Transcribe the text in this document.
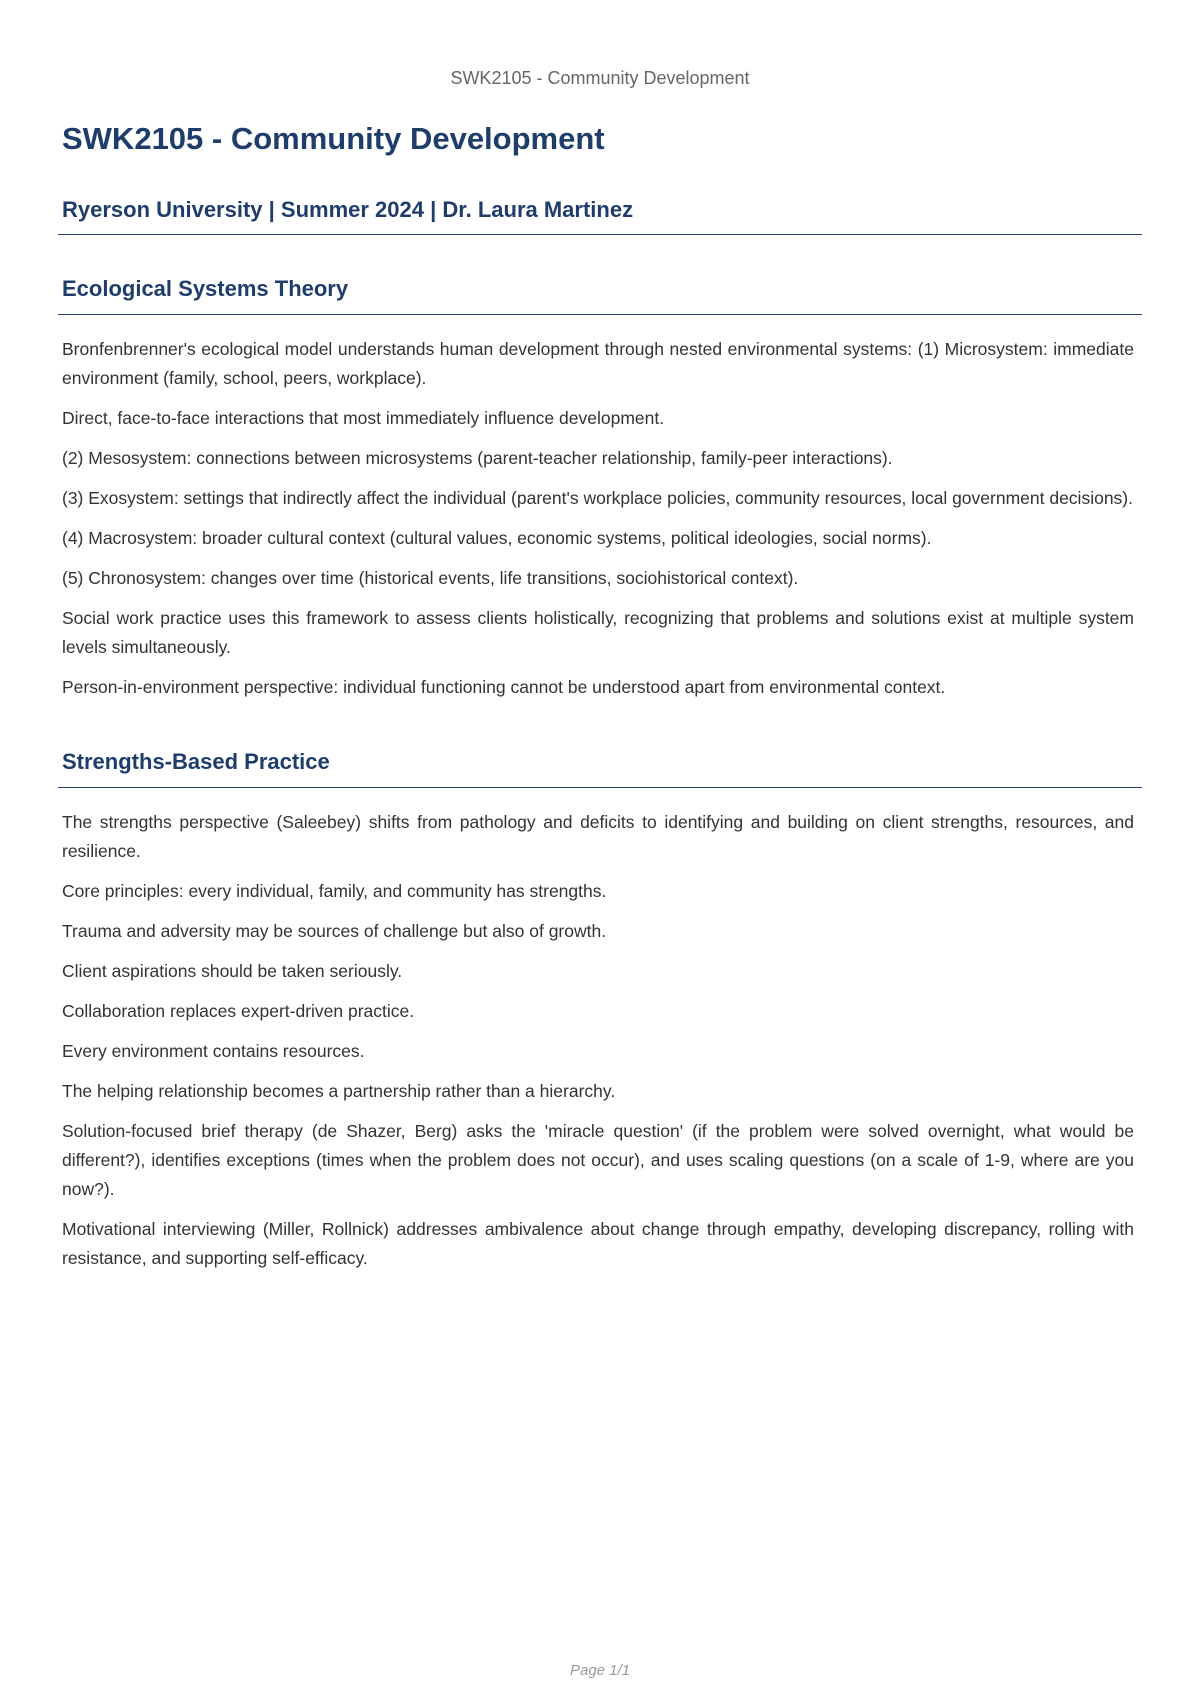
SWK2105 - Community Development
SWK2105 - Community Development
Ryerson University | Summer 2024 | Dr. Laura Martinez
Ecological Systems Theory

Bronfenbrenner's ecological model understands human development through nested environmental systems: (1) Microsystem: immediate environment (family, school, peers, workplace).

Direct, face-to-face interactions that most immediately influence development.

(2) Mesosystem: connections between microsystems (parent-teacher relationship, family-peer interactions).

(3) Exosystem: settings that indirectly affect the individual (parent's workplace policies, community resources, local government decisions).

(4) Macrosystem: broader cultural context (cultural values, economic systems, political ideologies, social norms).

(5) Chronosystem: changes over time (historical events, life transitions, sociohistorical context).

Social work practice uses this framework to assess clients holistically, recognizing that problems and solutions exist at multiple system levels simultaneously.

Person-in-environment perspective: individual functioning cannot be understood apart from environmental context.

Strengths-Based Practice

The strengths perspective (Saleebey) shifts from pathology and deficits to identifying and building on client strengths, resources, and resilience.

Core principles: every individual, family, and community has strengths.

Trauma and adversity may be sources of challenge but also of growth.

Client aspirations should be taken seriously.

Collaboration replaces expert-driven practice.

Every environment contains resources.

The helping relationship becomes a partnership rather than a hierarchy.

Solution-focused brief therapy (de Shazer, Berg) asks the 'miracle question' (if the problem were solved overnight, what would be different?), identifies exceptions (times when the problem does not occur), and uses scaling questions (on a scale of 1-9, where are you now?).

Motivational interviewing (Miller, Rollnick) addresses ambivalence about change through empathy, developing discrepancy, rolling with resistance, and supporting self-efficacy.

Page 1/1
